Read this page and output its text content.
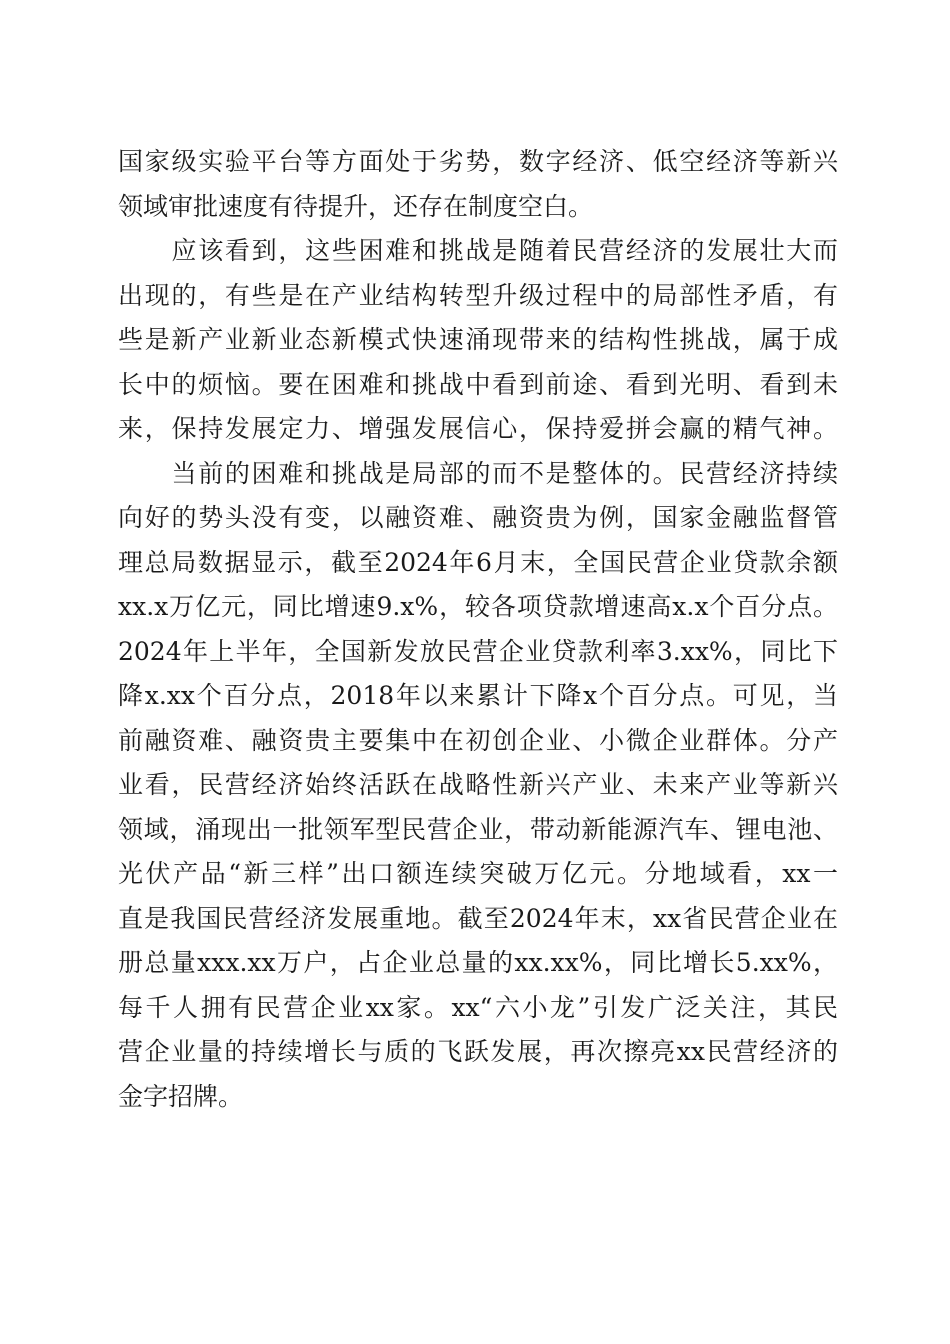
国家级实验平台等方面处于劣势，数字经济、低空经济等新兴
领域审批速度有待提升，还存在制度空白。
　　应该看到，这些困难和挑战是随着民营经济的发展壮大而
出现的，有些是在产业结构转型升级过程中的局部性矛盾，有
些是新产业新业态新模式快速涌现带来的结构性挑战，属于成
长中的烦恼。要在困难和挑战中看到前途、看到光明、看到未
来，保持发展定力、增强发展信心，保持爱拼会赢的精气神。
　　当前的困难和挑战是局部的而不是整体的。民营经济持续
向好的势头没有变，以融资难、融资贵为例，国家金融监督管
理总局数据显示，截至2024年6月末，全国民营企业贷款余额
xx.x万亿元，同比增速9.x%，较各项贷款增速高x.x个百分点。
2024年上半年，全国新发放民营企业贷款利率3.xx%，同比下
降x.xx个百分点，2018年以来累计下降x个百分点。可见，当
前融资难、融资贵主要集中在初创企业、小微企业群体。分产
业看，民营经济始终活跃在战略性新兴产业、未来产业等新兴
领域，涌现出一批领军型民营企业，带动新能源汽车、锂电池、
光伏产品“新三样”出口额连续突破万亿元。分地域看，xx一
直是我国民营经济发展重地。截至2024年末，xx省民营企业在
册总量xxx.xx万户，占企业总量的xx.xx%，同比增长5.xx%，
每千人拥有民营企业xx家。xx“六小龙”引发广泛关注，其民
营企业量的持续增长与质的飞跃发展，再次擦亮xx民营经济的
金字招牌。
